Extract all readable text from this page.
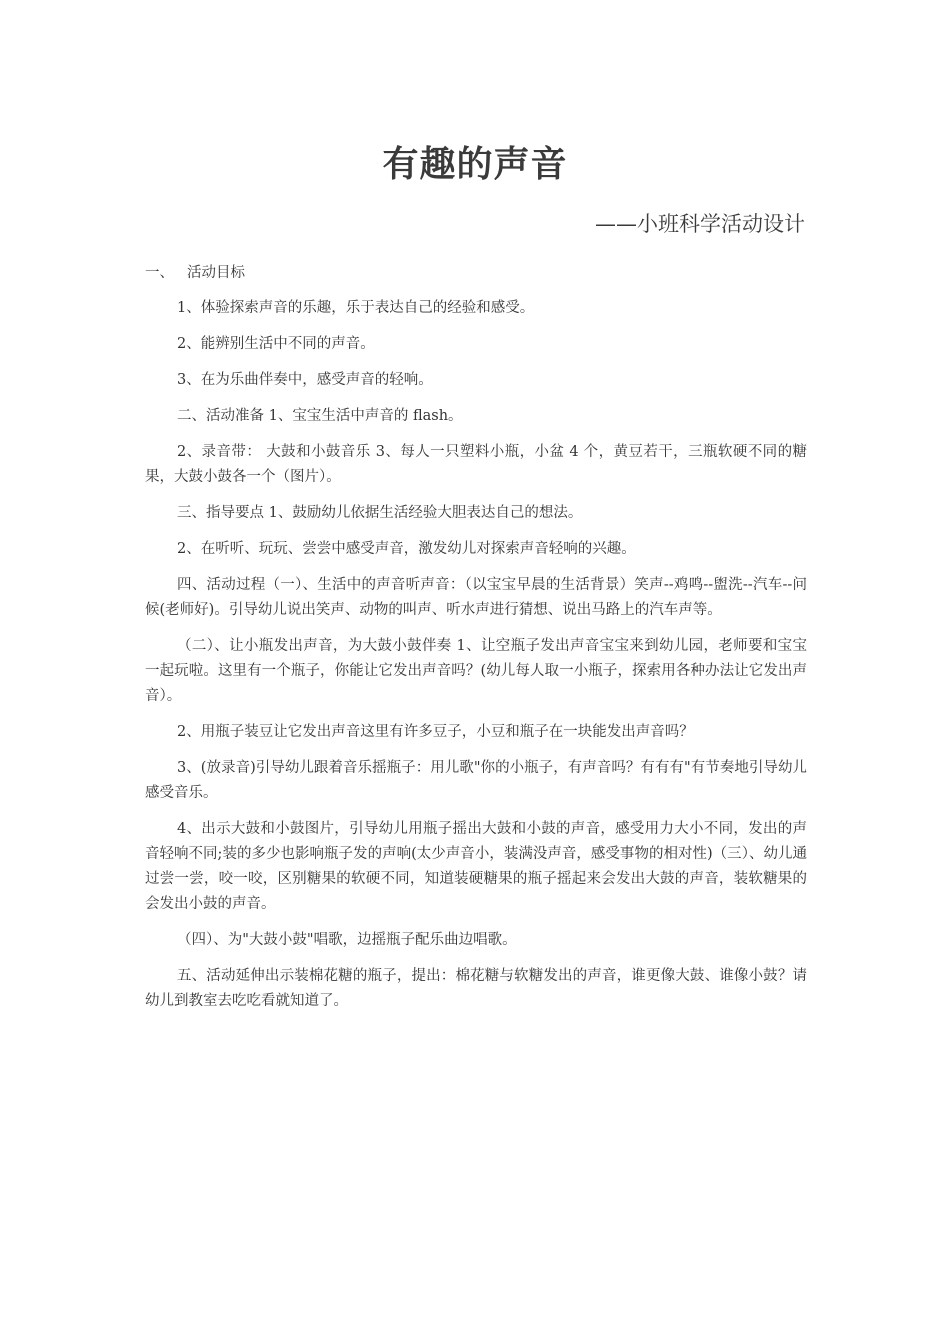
有趣的声音
——小班科学活动设计
一、 活动目标

1、体验探索声音的乐趣，乐于表达自己的经验和感受。

2、能辨别生活中不同的声音。

3、在为乐曲伴奏中，感受声音的轻响。

二、活动准备 1、宝宝生活中声音的 flash。

2、录音带： 大鼓和小鼓音乐 3、每人一只塑料小瓶，小盆 4 个，黄豆若干，三瓶软硬不同的糖果，大鼓小鼓各一个（图片）。

三、指导要点 1、鼓励幼儿依据生活经验大胆表达自己的想法。

2、在听听、玩玩、尝尝中感受声音，激发幼儿对探索声音轻响的兴趣。

四、活动过程（一）、生活中的声音听声音：（以宝宝早晨的生活背景）笑声--鸡鸣--盥洗--汽车--问候(老师好)。引导幼儿说出笑声、动物的叫声、听水声进行猜想、说出马路上的汽车声等。

（二）、让小瓶发出声音，为大鼓小鼓伴奏 1、让空瓶子发出声音宝宝来到幼儿园，老师要和宝宝一起玩啦。这里有一个瓶子，你能让它发出声音吗？(幼儿每人取一小瓶子，探索用各种办法让它发出声音）。

2、用瓶子装豆让它发出声音这里有许多豆子，小豆和瓶子在一块能发出声音吗？

3、(放录音)引导幼儿跟着音乐摇瓶子：用儿歌"你的小瓶子，有声音吗？有有有"有节奏地引导幼儿感受音乐。

4、出示大鼓和小鼓图片，引导幼儿用瓶子摇出大鼓和小鼓的声音，感受用力大小不同，发出的声音轻响不同;装的多少也影响瓶子发的声响(太少声音小，装满没声音，感受事物的相对性)（三）、幼儿通过尝一尝，咬一咬，区别糖果的软硬不同，知道装硬糖果的瓶子摇起来会发出大鼓的声音，装软糖果的会发出小鼓的声音。

（四）、为"大鼓小鼓"唱歌，边摇瓶子配乐曲边唱歌。

五、活动延伸出示装棉花糖的瓶子，提出：棉花糖与软糖发出的声音，谁更像大鼓、谁像小鼓？请幼儿到教室去吃吃看就知道了。
